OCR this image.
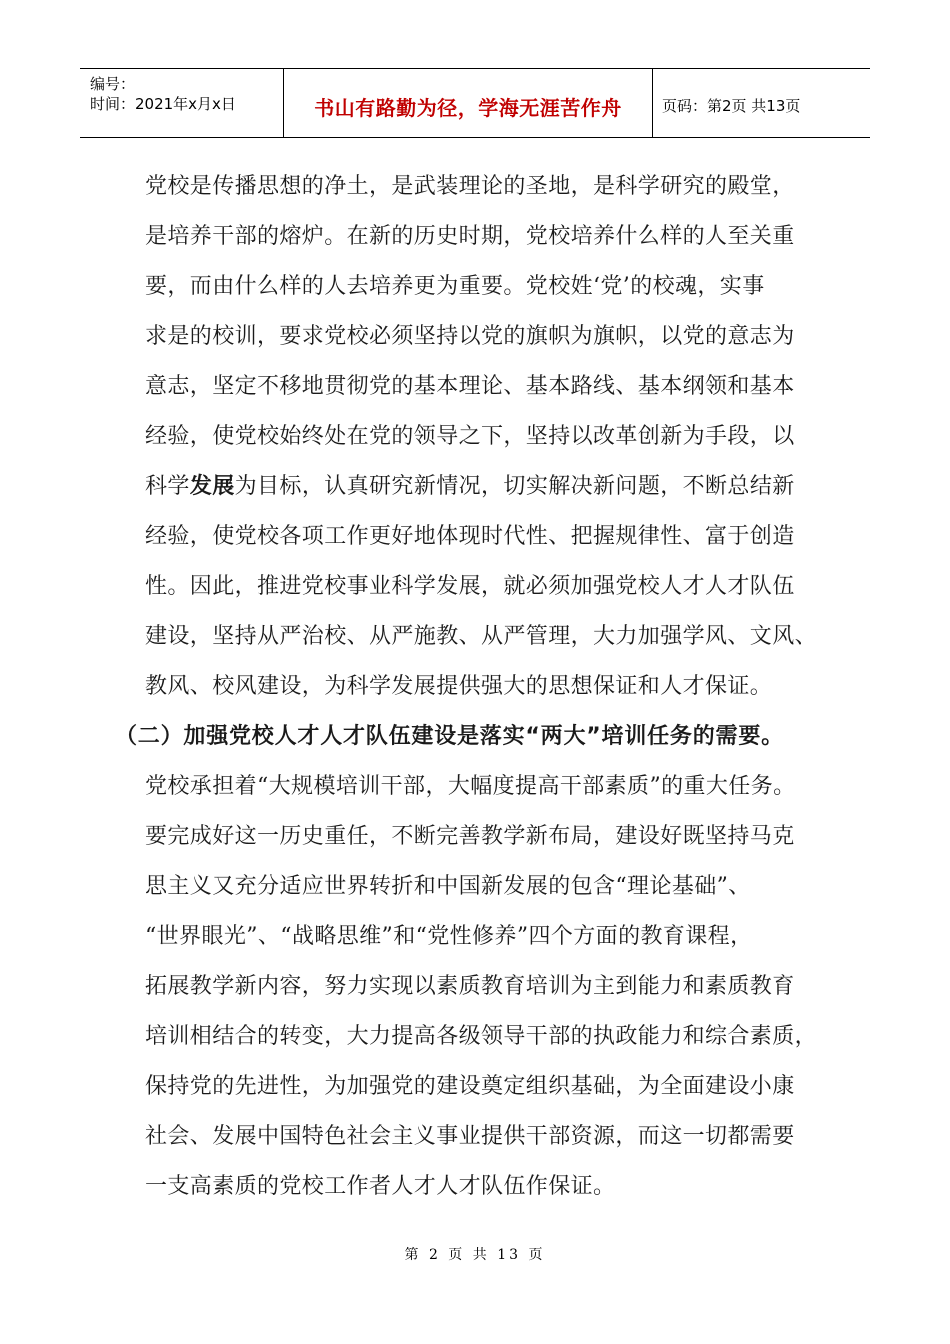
编号：
时间：2021年x月x日	书山有路勤为径，学海无涯苦作舟	页码：第2页 共13页
党校是传播思想的净土，是武装理论的圣地，是科学研究的殿堂，
是培养干部的熔炉。在新的历史时期，党校培养什么样的人至关重
要，而由什么样的人去培养更为重要。党校姓‘党’的校魂，实事
求是的校训，要求党校必须坚持以党的旗帜为旗帜，以党的意志为
意志，坚定不移地贯彻党的基本理论、基本路线、基本纲领和基本
经验，使党校始终处在党的领导之下，坚持以改革创新为手段，以
科学发展为目标，认真研究新情况，切实解决新问题，不断总结新
经验，使党校各项工作更好地体现时代性、把握规律性、富于创造
性。因此，推进党校事业科学发展，就必须加强党校人才人才队伍
建设，坚持从严治校、从严施教、从严管理，大力加强学风、文风、
教风、校风建设，为科学发展提供强大的思想保证和人才保证。
（二）加强党校人才人才队伍建设是落实“两大”培训任务的需要。
党校承担着“大规模培训干部，大幅度提高干部素质”的重大任务。
要完成好这一历史重任，不断完善教学新布局，建设好既坚持马克
思主义又充分适应世界转折和中国新发展的包含“理论基础”、
“世界眼光”、“战略思维”和“党性修养”四个方面的教育课程，
拓展教学新内容，努力实现以素质教育培训为主到能力和素质教育
培训相结合的转变，大力提高各级领导干部的执政能力和综合素质，
保持党的先进性，为加强党的建设奠定组织基础，为全面建设小康
社会、发展中国特色社会主义事业提供干部资源，而这一切都需要
一支高素质的党校工作者人才人才队伍作保证。
第 2 页 共 13 页
